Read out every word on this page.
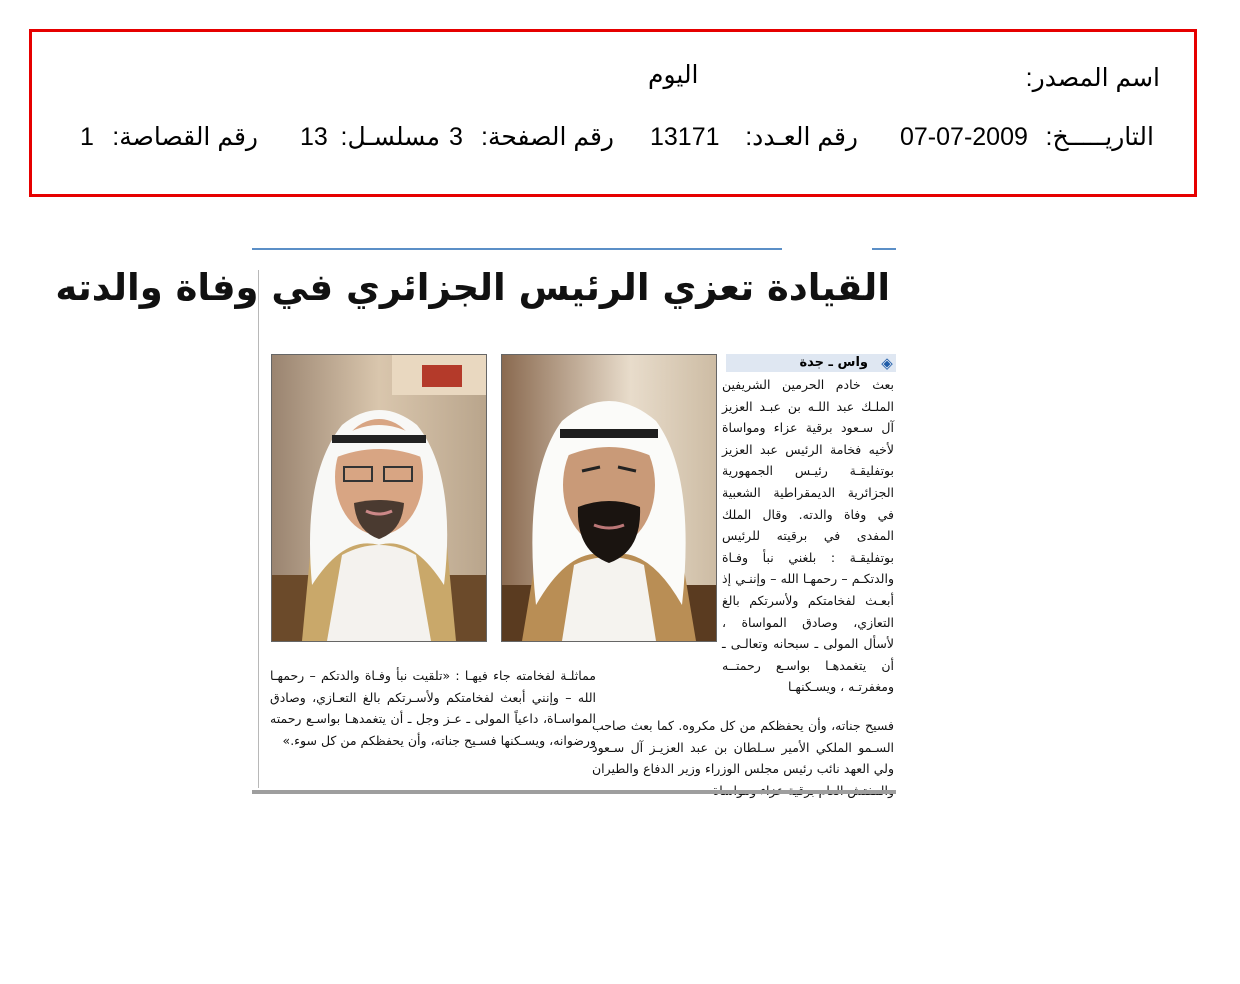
اسم المصدر:
اليوم
التاريـــــخ:
07-07-2009
رقم العـدد:
13171
رقم الصفحة:
3
مسلسـل:
13
رقم القصاصة:
1
القيادة تعزي الرئيس الجزائري في وفاة والدته
◈
واس ـ جدة

بعث خادم الحرمين الشريفين الملـك عبد اللـه بن عبـد العزيز آل سـعود برقية عزاء ومواساة لأخيه فخامة الرئيس عبد العزيز بوتفليقـة رئيـس الجمهورية الجزائرية الديمقراطية الشعبية في وفاة والدته. وقال الملك المفدى في برقيته للرئيس بوتفليقـة : بلغني نبأ وفـاة والدتكـم – رحمهـا الله – وإننـي إذ أبعـث لفخامتكم ولأسرتكم بالغ التعازي، وصادق المواساة ، لأسأل المولى ـ سبحانه وتعالـى ـ أن يتغمدهـا بواسـع رحمتــه ومغفرتـه ، ويسـكنهـا

فسيح جناته، وأن يحفظكم من كل مكروه. كما بعث صاحب السـمو الملكي الأمير سـلطان بن عبد العزيـز آل سـعود ولي العهد نائب رئيس مجلس الوزراء وزير الدفاع والطيران

مماثلـة لفخامته جاء فيهـا : «تلقيت نبأ وفـاة والدتكم – رحمهـا الله – وإنني أبعث لفخامتكم ولأسـرتكم بالغ التعـازي، وصادق المواسـاة، داعياً المولى ـ عـز وجل ـ أن يتغمدهـا بواسـع رحمته ورضوانه، ويسـكنها فسـيح جناته، وأن يحفظكم من كل سوء.»
